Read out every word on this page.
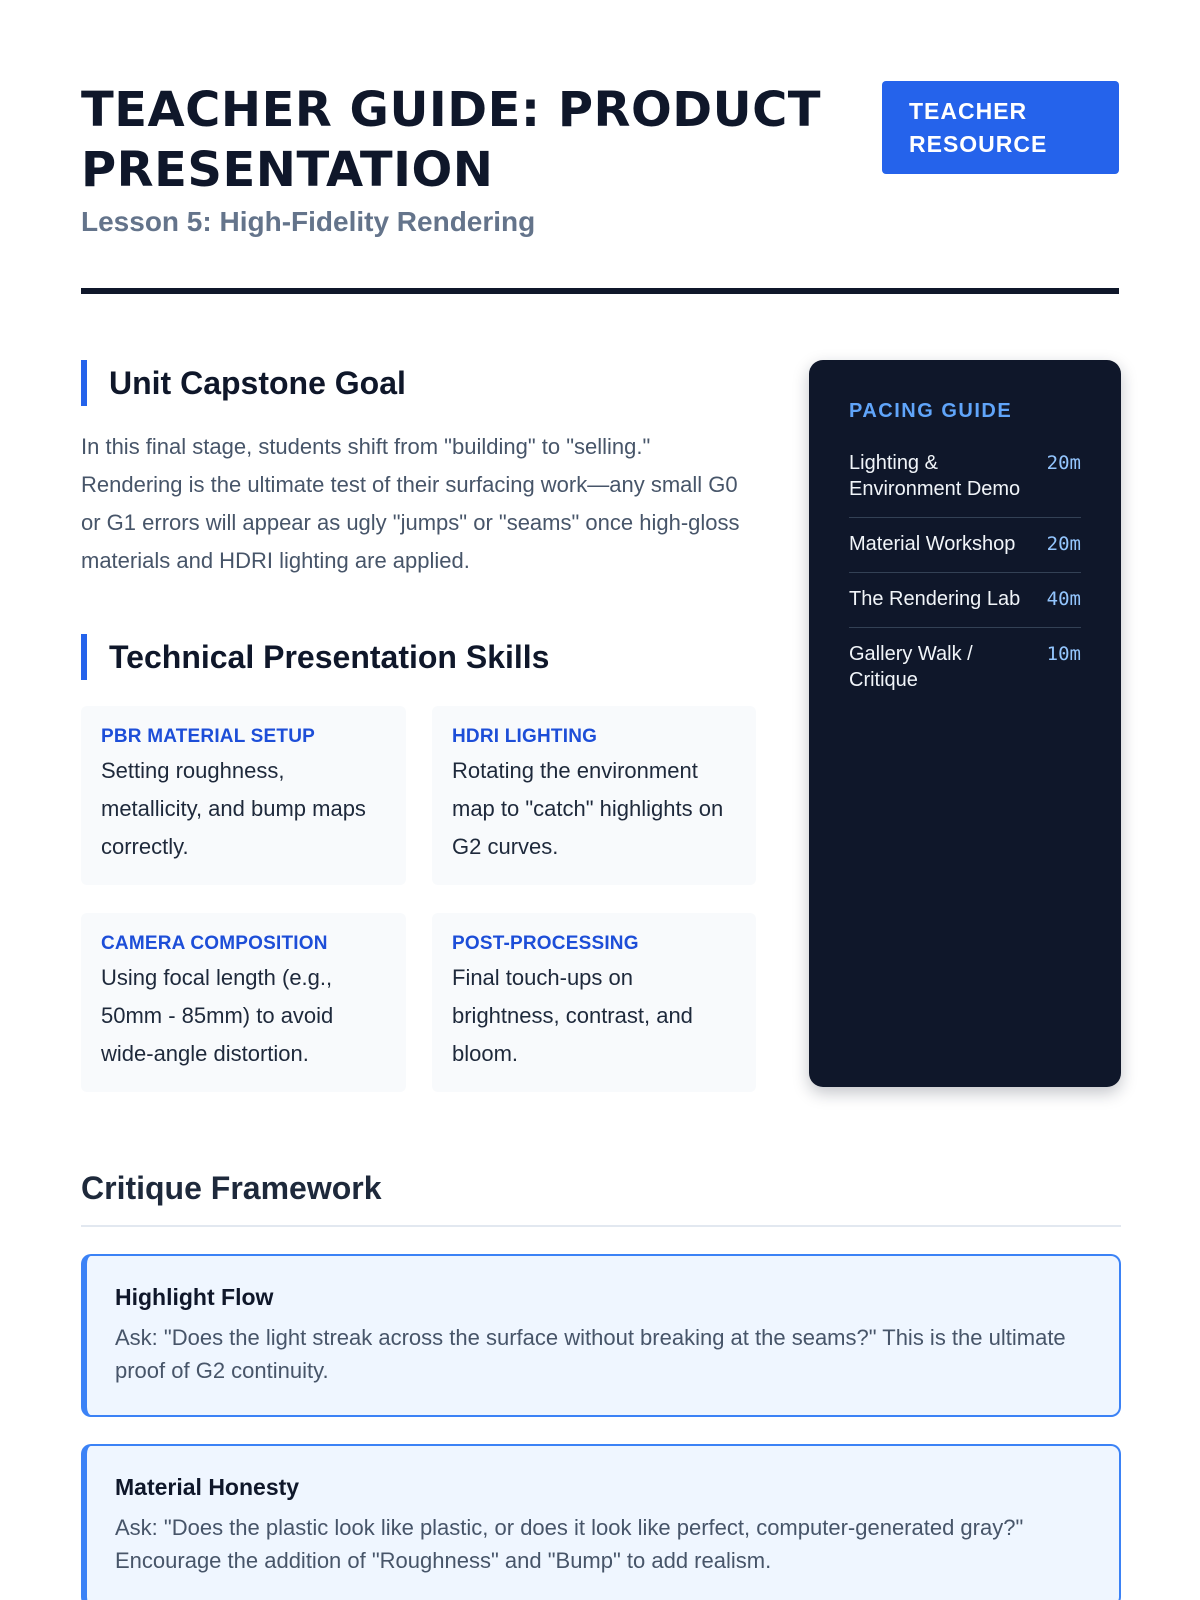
TEACHER GUIDE: PRODUCT PRESENTATION
Lesson 5: High-Fidelity Rendering
TEACHER RESOURCE
Unit Capstone Goal

In this final stage, students shift from "building" to "selling." Rendering is the ultimate test of their surfacing work—any small G0 or G1 errors will appear as ugly "jumps" or "seams" once high-gloss materials and HDRI lighting are applied.

Technical Presentation Skills
PBR MATERIAL SETUP
Setting roughness, metallicity, and bump maps correctly.
HDRI LIGHTING
Rotating the environment map to "catch" highlights on G2 curves.
CAMERA COMPOSITION
Using focal length (e.g., 50mm - 85mm) to avoid wide-angle distortion.
POST-PROCESSING
Final touch-ups on brightness, contrast, and bloom.
PACING GUIDE
Lighting & Environment Demo
20m
Material Workshop	20m
The Rendering Lab	40m
Gallery Walk / Critique
10m
Critique Framework
Highlight Flow
Ask: "Does the light streak across the surface without breaking at the seams?" This is the ultimate proof of G2 continuity.
Material Honesty
Ask: "Does the plastic look like plastic, or does it look like perfect, computer-generated gray?" Encourage the addition of "Roughness" and "Bump" to add realism.
